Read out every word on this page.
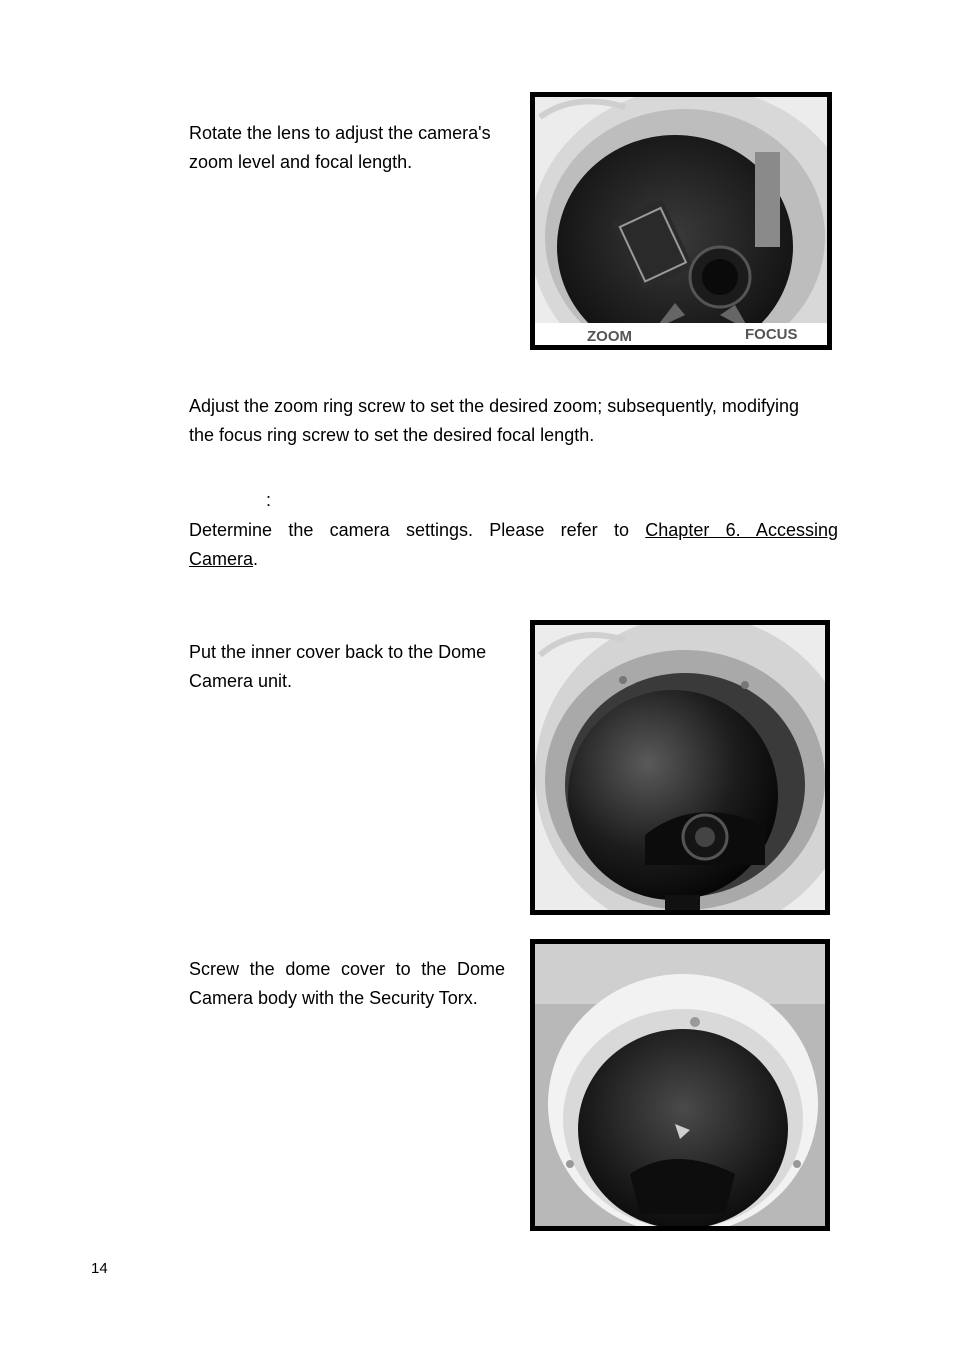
Rotate the lens to adjust the camera's
zoom level and focal length.
ZOOM	FOCUS
Adjust the zoom ring screw to set the desired zoom; subsequently, modifying
the focus ring screw to set the desired focal length.
:
Determine the camera settings. Please refer to Chapter 6. Accessing
Camera.
Put the inner cover back to the Dome
Camera unit.
Screw the dome cover to the Dome
Camera body with the Security Torx.
14
